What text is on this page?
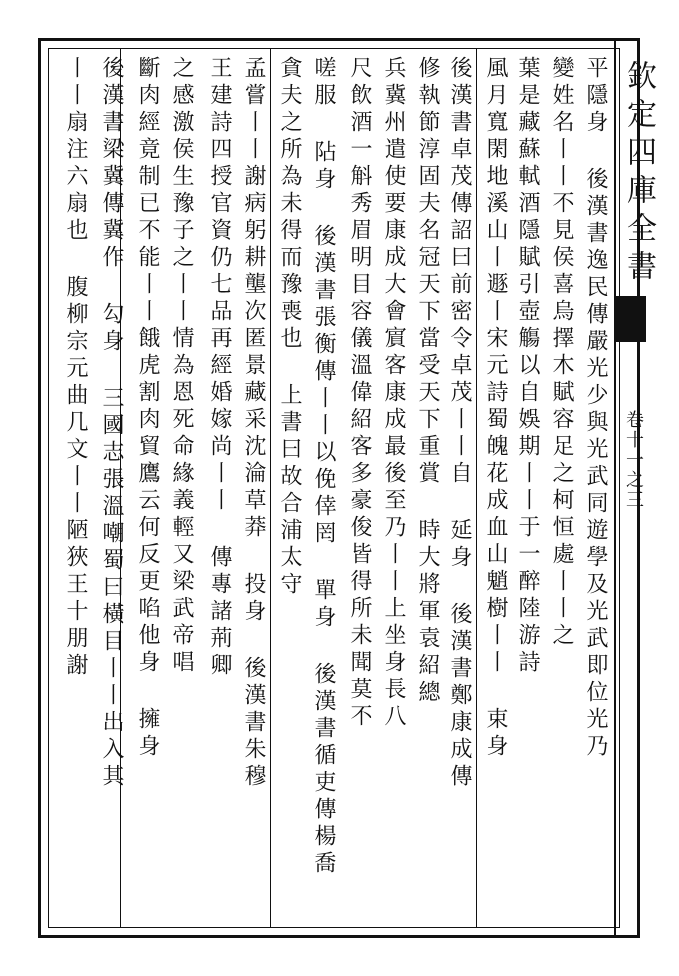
欽定四庫全書
卷十一之三
平隱身 後漢書逸民傳嚴光少與光武同遊學及光武即位光乃
變姓名丨丨不見侯喜烏擇木賦容足之柯恒處丨丨之
葉是藏蘇軾酒隱賦引壺觴以自娛期丨丨于一醉陸游詩
風月寬閑地溪山丨遯丨宋元詩蜀魄花成血山魈樹丨丨 束身
後漢書卓茂傳詔曰前密令卓茂丨丨自 延身 後漢書鄭康成傳
修執節淳固夫名冠天下當受天下重賞 時大將軍袁紹總
兵冀州遣使要康成大會賔客康成最後至乃丨丨上坐身長八
尺飲酒一斛秀眉明目容儀溫偉紹客多豪俊皆得所未聞莫不
嗟服 阽身 後漢書張衡傳丨丨以俛倖罔 單身 後漢書循吏傳楊喬
貪夫之所為未得而豫喪也 上書曰故合浦太守
孟嘗丨丨謝病躬耕壟次匿景藏采沈淪草莽 投身 後漢書朱穆
王建詩四授官資仍七品再經婚嫁尚丨丨 傳專諸荊卿
之感激侯生豫子之丨丨情為恩死命緣義輕又梁武帝唱
斷肉經竟制已不能丨丨餓虎割肉貿鷹云何反更啗他身 擁身
後漢書梁冀傳冀作 勾身 三國志張溫嘲蜀曰橫目丨丨出入其
丨丨扇注六扇也 腹柳宗元曲几文丨丨陋狹王十朋謝
